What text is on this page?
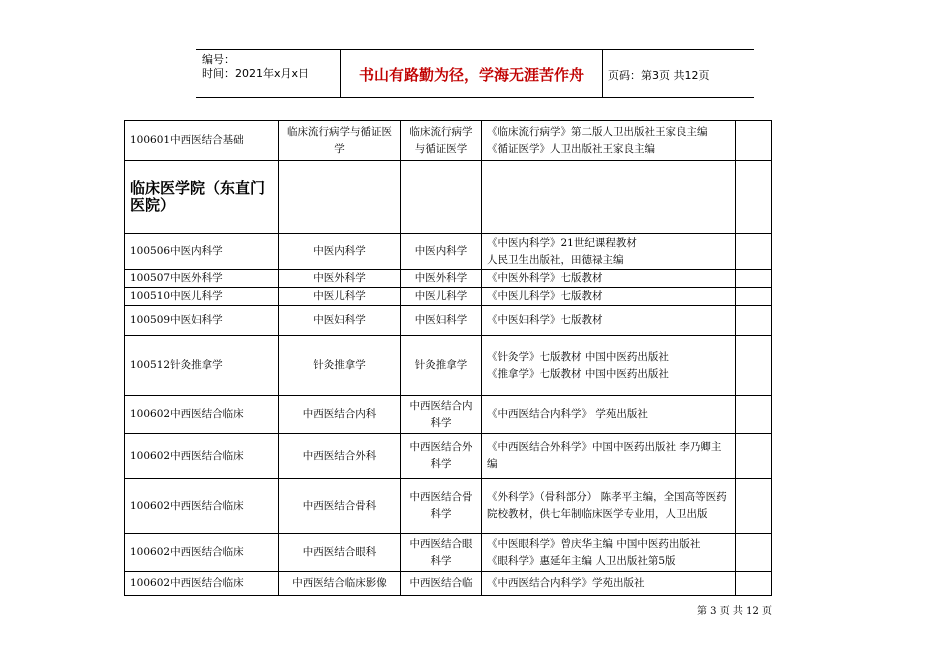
编号：
时间：2021年x月x日	书山有路勤为径，学海无涯苦作舟	页码：第3页 共12页
100601中西医结合基础	临床流行病学与循证医学	临床流行病学与循证医学	《临床流行病学》第二版人卫出版社王家良主编
《循证医学》人卫出版社王家良主编	

临床医学院（东直门医院）				
100506中医内科学	中医内科学	中医内科学	《中医内科学》21世纪课程教材
人民卫生出版社，田德禄主编	

100507中医外科学	中医外科学	中医外科学	《中医外科学》七版教材	

100510中医儿科学	中医儿科学	中医儿科学	《中医儿科学》七版教材	

100509中医妇科学	中医妇科学	中医妇科学	《中医妇科学》七版教材	

100512针灸推拿学	针灸推拿学	针灸推拿学	《针灸学》七版教材 中国中医药出版社
《推拿学》七版教材 中国中医药出版社	

100602中西医结合临床	中西医结合内科	中西医结合内科学	《中西医结合内科学》 学苑出版社	

100602中西医结合临床	中西医结合外科	中西医结合外科学	《中西医结合外科学》中国中医药出版社 李乃卿主编	

100602中西医结合临床	中西医结合骨科	中西医结合骨科学	《外科学》（骨科部分） 陈孝平主编，全国高等医药院校教材，供七年制临床医学专业用，人卫出版	

100602中西医结合临床	中西医结合眼科	中西医结合眼科学	《中医眼科学》曾庆华主编 中国中医药出版社
《眼科学》惠延年主编 人卫出版社第5版	

100602中西医结合临床	中西医结合临床影像	中西医结合临	《中西医结合内科学》学苑出版社	

第 3 页 共 12 页
